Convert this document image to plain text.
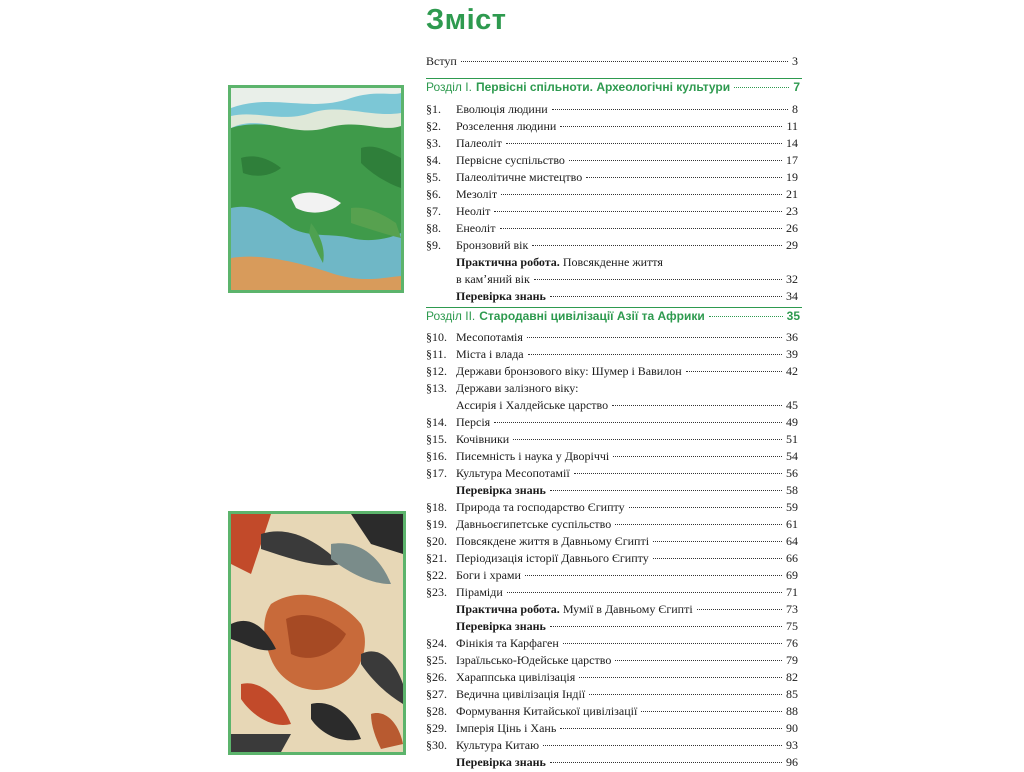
Зміст
Вступ	3
Розділ І. Первісні спільноти. Археологічні культури	7
§1.	Еволюція людини	8
§2.	Розселення людини	11
§3.	Палеоліт	14
§4.	Первісне суспільство	17
§5.	Палеолітичне мистецтво	19
§6.	Мезоліт	21
§7.	Неоліт	23
§8.	Енеоліт	26
§9.	Бронзовий вік	29
Практична робота. Повсякденне життя
в камʼяний вік	32
Перевірка знань	34
Розділ ІІ. Стародавні цивілізації Азії та Африки	35
§10. Месопотамія	36
§11. Міста і влада	39
§12. Держави бронзового віку: Шумер і Вавилон	42
§13. Держави залізного віку:
Ассирія і Халдейське царство	45
§14. Персія	49
§15. Кочівники	51
§16. Писемність і наука у Дворіччі	54
§17. Культура Месопотамії	56
Перевірка знань	58
§18. Природа та господарство Єгипту	59
§19. Давньоєгипетське суспільство	61
§20. Повсякдене життя в Давньому Єгипті	64
§21. Періодизація історії Давнього Єгипту	66
§22. Боги і храми	69
§23. Піраміди	71
Практична робота. Мумії в Давньому Єгипті	73
Перевірка знань	75
§24. Фінікія та Карфаген	76
§25. Ізраїльсько-Юдейське царство	79
§26. Хараппська цивілізація	82
§27. Ведична цивілізація Індії	85
§28. Формування Китайської цивілізації	88
§29. Імперія Цінь і Хань	90
§30. Культура Китаю	93
Перевірка знань	96
